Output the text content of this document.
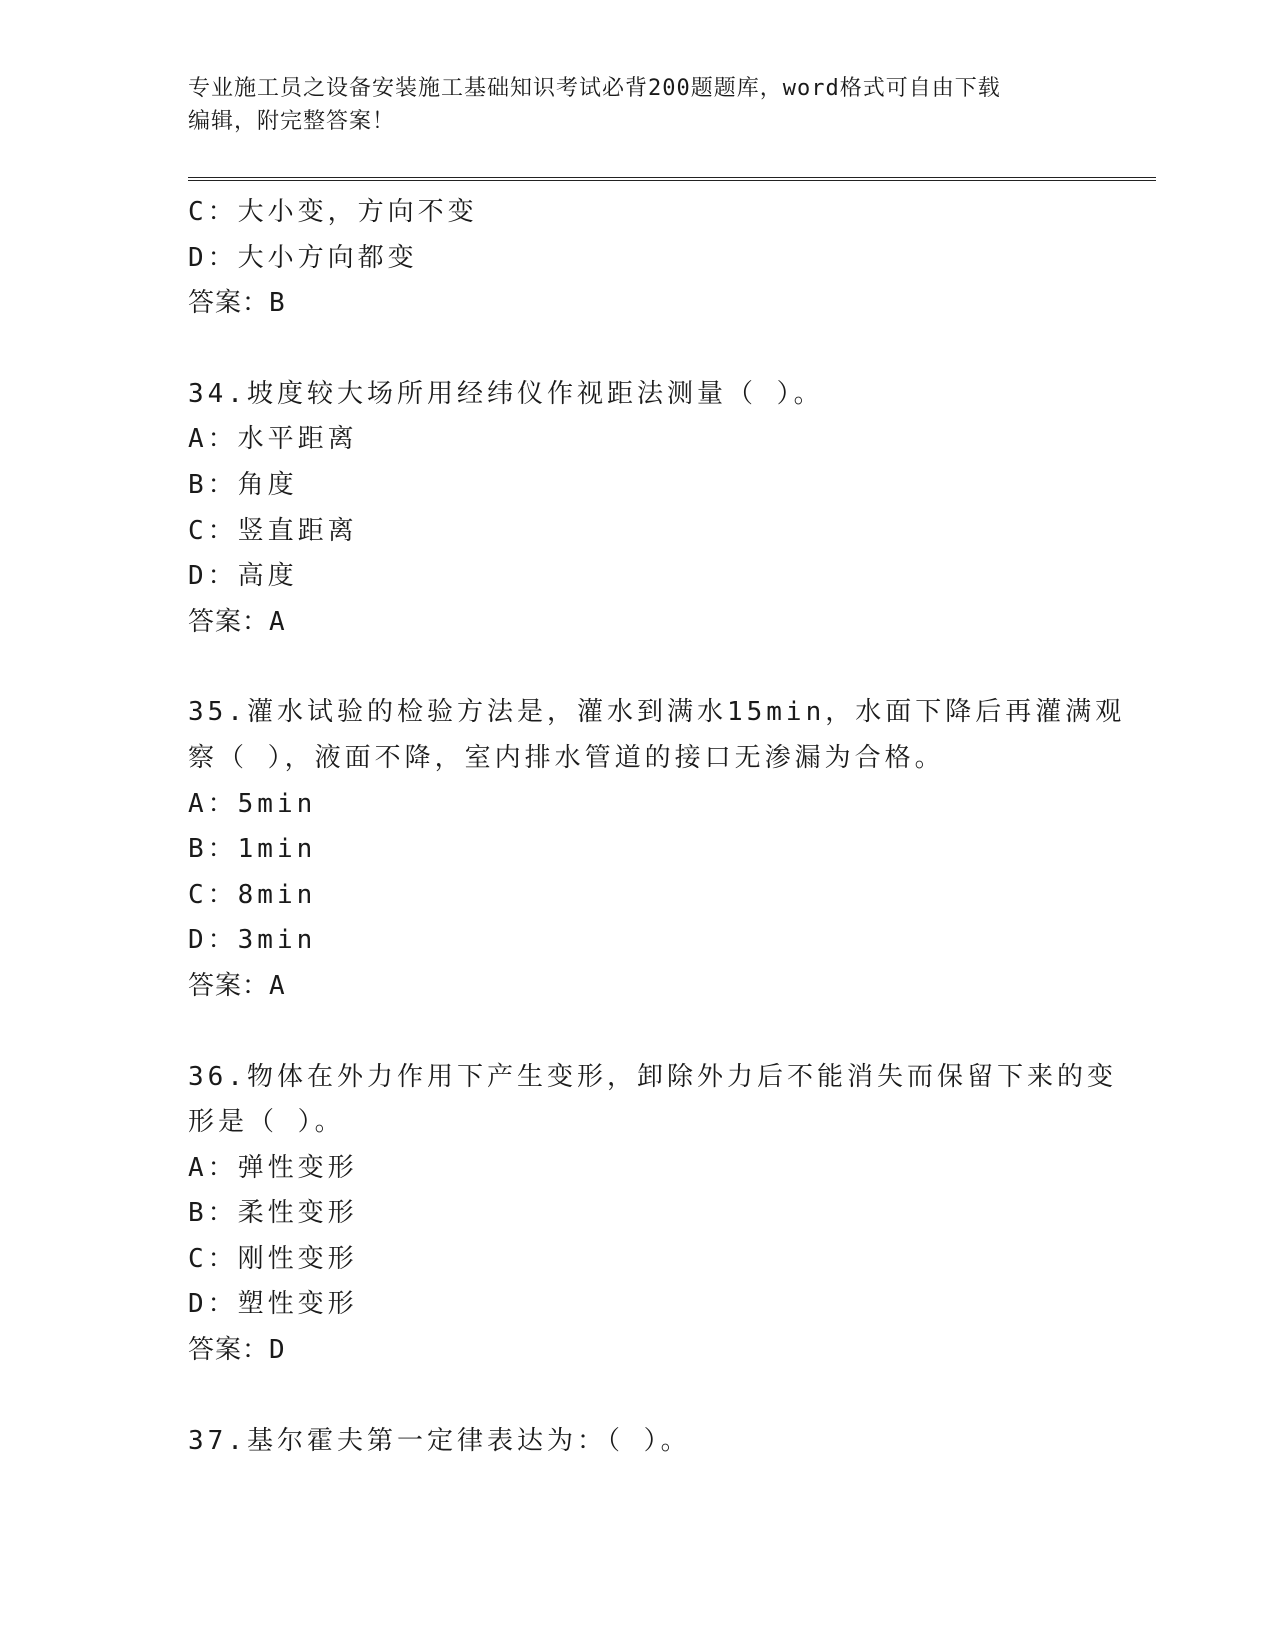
专业施工员之设备安装施工基础知识考试必背200题题库，word格式可自由下载
编辑，附完整答案！
C：大小变，方向不变
D：大小方向都变
答案：B
34.坡度较大场所用经纬仪作视距法测量（ ）。
A：水平距离
B：角度
C：竖直距离
D：高度
答案：A
35.灌水试验的检验方法是，灌水到满水15min，水面下降后再灌满观
察（ ），液面不降，室内排水管道的接口无渗漏为合格。
A：5min
B：1min
C：8min
D：3min
答案：A
36.物体在外力作用下产生变形，卸除外力后不能消失而保留下来的变
形是（ ）。
A：弹性变形
B：柔性变形
C：刚性变形
D：塑性变形
答案：D
37.基尔霍夫第一定律表达为：（ ）。
